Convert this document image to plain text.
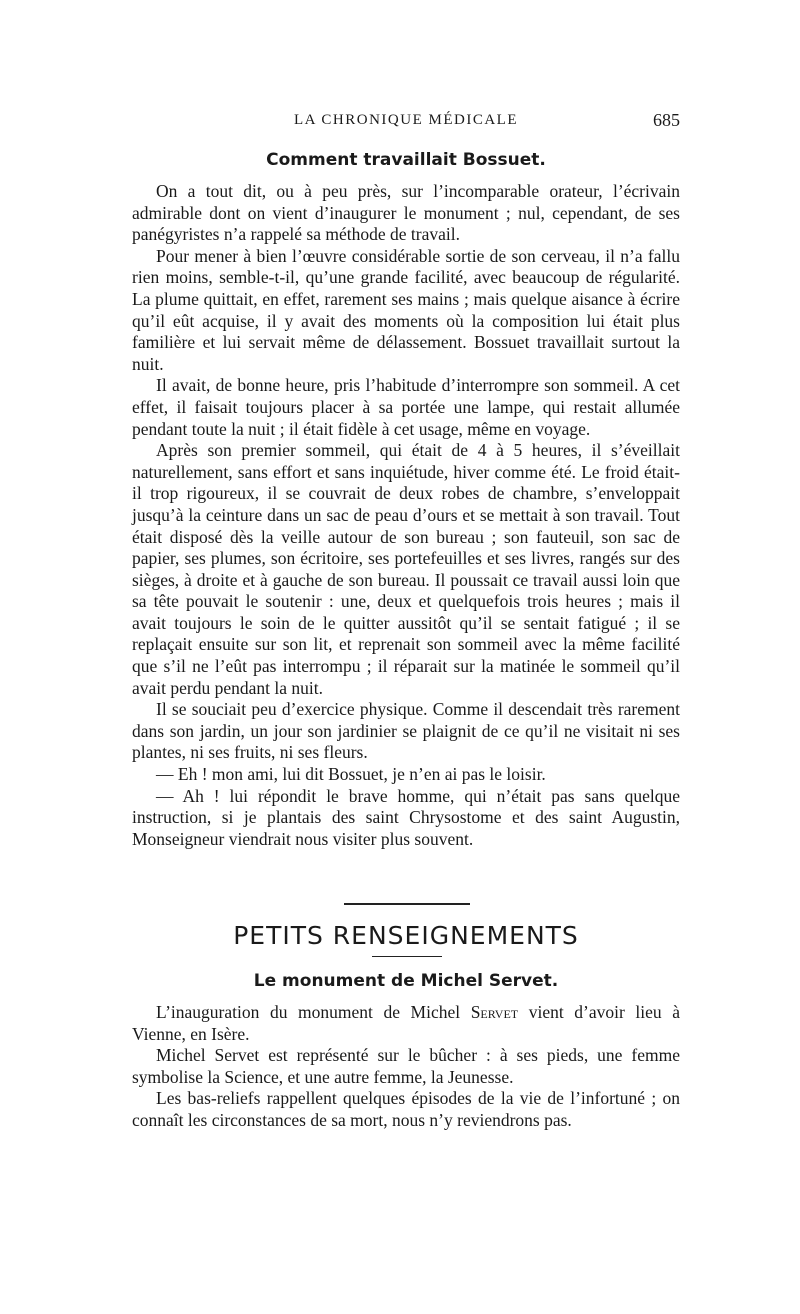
LA CHRONIQUE MÉDICALE	685
Comment travaillait Bossuet.

On a tout dit, ou à peu près, sur l’incomparable orateur, l’écrivain admirable dont on vient d’inaugurer le monument ; nul, cependant, de ses panégyristes n’a rappelé sa méthode de travail.

Pour mener à bien l’œuvre considérable sortie de son cerveau, il n’a fallu rien moins, semble-t-il, qu’une grande facilité, avec beaucoup de régularité. La plume quittait, en effet, rarement ses mains ; mais quelque aisance à écrire qu’il eût acquise, il y avait des moments où la composition lui était plus familière et lui servait même de délassement. Bossuet travaillait surtout la nuit.

Il avait, de bonne heure, pris l’habitude d’interrompre son sommeil. A cet effet, il faisait toujours placer à sa portée une lampe, qui restait allumée pendant toute la nuit ; il était fidèle à cet usage, même en voyage.

Après son premier sommeil, qui était de 4 à 5 heures, il s’éveillait naturellement, sans effort et sans inquiétude, hiver comme été. Le froid était-il trop rigoureux, il se couvrait de deux robes de chambre, s’enveloppait jusqu’à la ceinture dans un sac de peau d’ours et se mettait à son travail. Tout était disposé dès la veille autour de son bureau ; son fauteuil, son sac de papier, ses plumes, son écritoire, ses portefeuilles et ses livres, rangés sur des sièges, à droite et à gauche de son bureau. Il poussait ce travail aussi loin que sa tête pouvait le soutenir : une, deux et quelquefois trois heures ; mais il avait toujours le soin de le quitter aussitôt qu’il se sentait fatigué ; il se replaçait ensuite sur son lit, et reprenait son sommeil avec la même facilité que s’il ne l’eût pas interrompu ; il réparait sur la matinée le sommeil qu’il avait perdu pendant la nuit.

Il se souciait peu d’exercice physique. Comme il descendait très rarement dans son jardin, un jour son jardinier se plaignit de ce qu’il ne visitait ni ses plantes, ni ses fruits, ni ses fleurs.

— Eh ! mon ami, lui dit Bossuet, je n’en ai pas le loisir.

— Ah ! lui répondit le brave homme, qui n’était pas sans quelque instruction, si je plantais des saint Chrysostome et des saint Augustin, Monseigneur viendrait nous visiter plus souvent.

PETITS RENSEIGNEMENTS
Le monument de Michel Servet.

L’inauguration du monument de Michel Servet vient d’avoir lieu à Vienne, en Isère.

Michel Servet est représenté sur le bûcher : à ses pieds, une femme symbolise la Science, et une autre femme, la Jeunesse.

Les bas-reliefs rappellent quelques épisodes de la vie de l’infortuné ; on connaît les circonstances de sa mort, nous n’y reviendrons pas.
